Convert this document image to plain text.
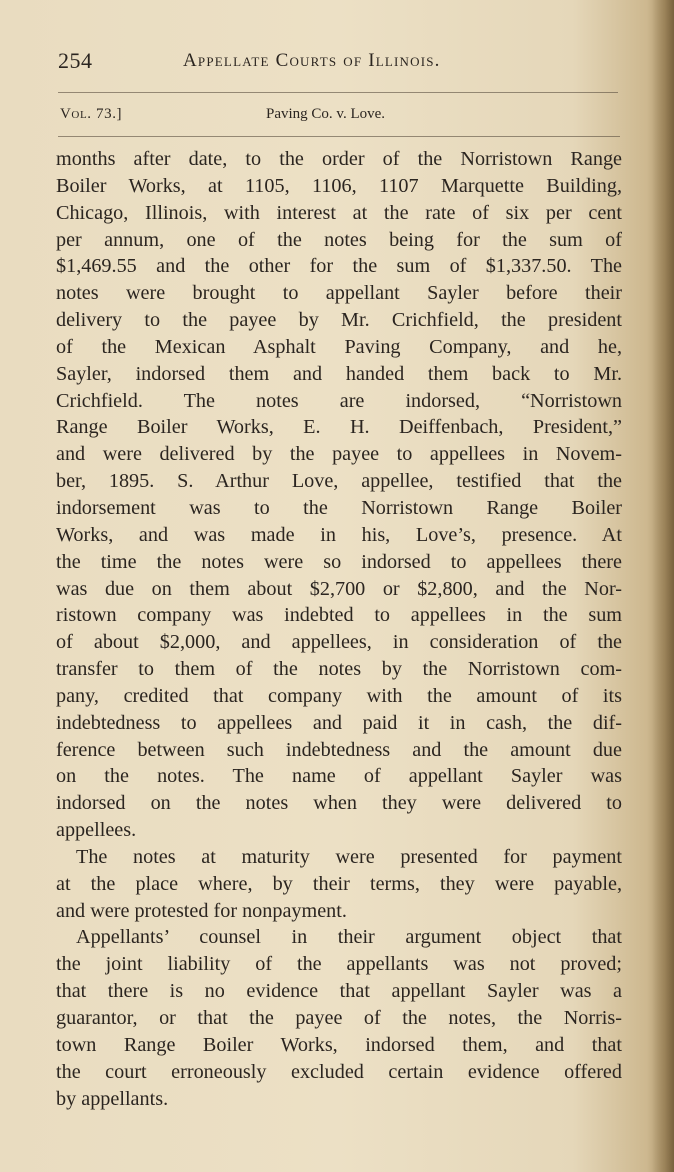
254	Appellate Courts of Illinois.
Vol. 73.]	Paving Co. v. Love.
months after date, to the order of the Norristown Range
Boiler Works, at 1105, 1106, 1107 Marquette Building,
Chicago, Illinois, with interest at the rate of six per cent
per annum, one of the notes being for the sum of
$1,469.55 and the other for the sum of $1,337.50. The
notes were brought to appellant Sayler before their
delivery to the payee by Mr. Crichfield, the president
of the Mexican Asphalt Paving Company, and he,
Sayler, indorsed them and handed them back to Mr.
Crichfield. The notes are indorsed, “Norristown
Range Boiler Works, E. H. Deiffenbach, President,”
and were delivered by the payee to appellees in Novem-
ber, 1895. S. Arthur Love, appellee, testified that the
indorsement was to the Norristown Range Boiler
Works, and was made in his, Love’s, presence. At
the time the notes were so indorsed to appellees there
was due on them about $2,700 or $2,800, and the Nor-
ristown company was indebted to appellees in the sum
of about $2,000, and appellees, in consideration of the
transfer to them of the notes by the Norristown com-
pany, credited that company with the amount of its
indebtedness to appellees and paid it in cash, the dif-
ference between such indebtedness and the amount due
on the notes. The name of appellant Sayler was
indorsed on the notes when they were delivered to
appellees.
The notes at maturity were presented for payment
at the place where, by their terms, they were payable,
and were protested for nonpayment.
Appellants’ counsel in their argument object that
the joint liability of the appellants was not proved;
that there is no evidence that appellant Sayler was a
guarantor, or that the payee of the notes, the Norris-
town Range Boiler Works, indorsed them, and that
the court erroneously excluded certain evidence offered
by appellants.
